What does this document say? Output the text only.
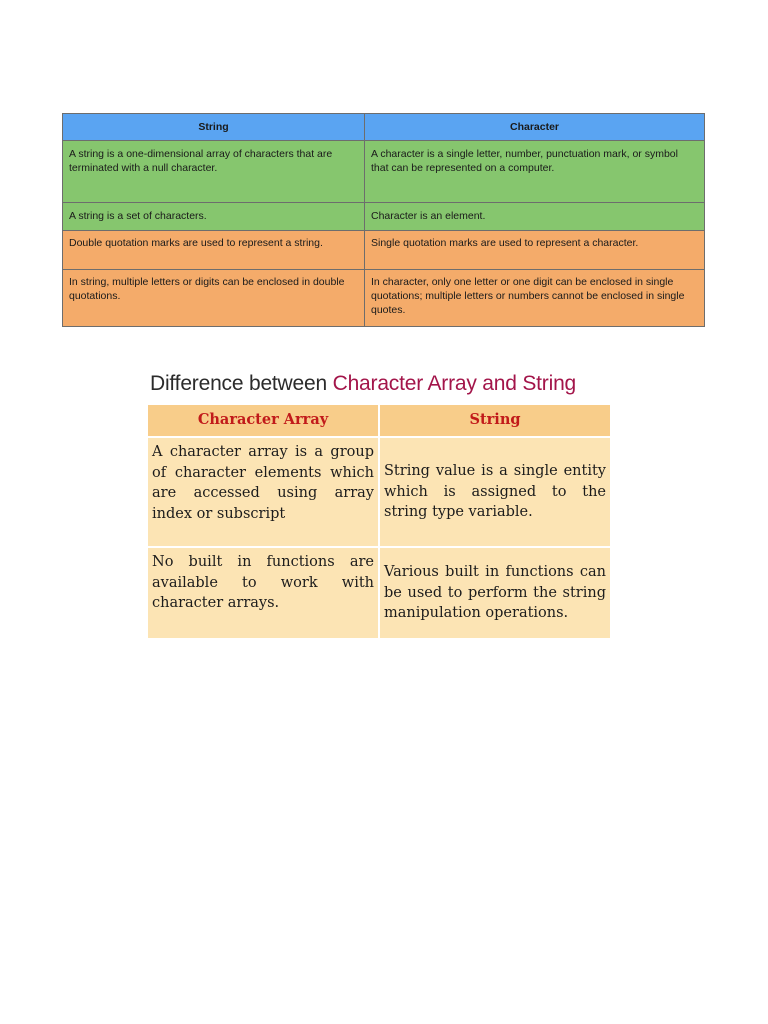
String	Character
A string is a one-dimensional array of characters that are terminated with a null character.	A character is a single letter, number, punctuation mark, or symbol that can be represented on a computer.
A string is a set of characters.	Character is an element.
Double quotation marks are used to represent a string.	Single quotation marks are used to represent a character.
In string, multiple letters or digits can be enclosed in double quotations.	In character, only one letter or one digit can be enclosed in single quotations; multiple letters or numbers cannot be enclosed in single quotes.
Difference between Character Array and String
Character Array	String
A character array is a group of character elements which are accessed using array index or subscript	String value is a single entity which is assigned to the string type variable.
No built in functions are available to work with character arrays.	Various built in functions can be used to perform the string manipulation operations.
